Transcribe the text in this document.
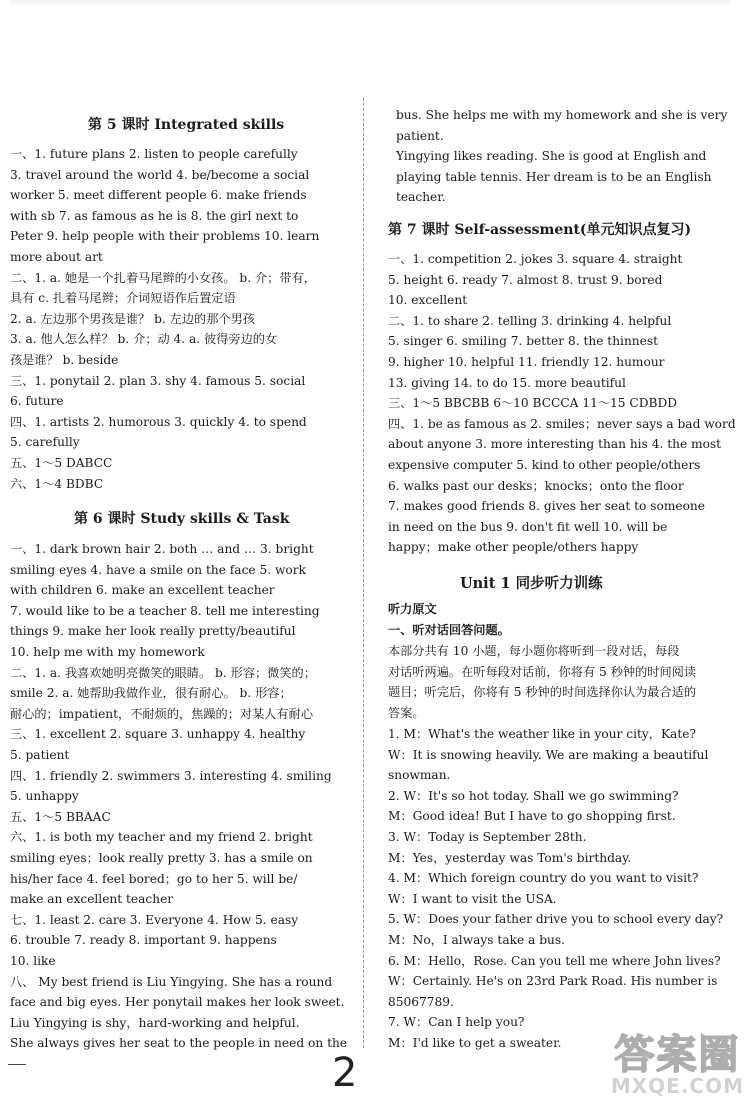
第 5 课时 Integrated skills
一、1. future plans 2. listen to people carefully
3. travel around the world 4. be/become a social
worker 5. meet different people 6. make friends
with sb 7. as famous as he is 8. the girl next to
Peter 9. help people with their problems 10. learn
more about art
二、1. a. 她是一个扎着马尾辫的小女孩。 b. 介；带有，
具有 c. 扎着马尾辫；介词短语作后置定语
2. a. 左边那个男孩是谁？ b. 左边的那个男孩
3. a. 他人怎么样？ b. 介；动 4. a. 彼得旁边的女
孩是谁？ b. beside
三、1. ponytail 2. plan 3. shy 4. famous 5. social
6. future
四、1. artists 2. humorous 3. quickly 4. to spend
5. carefully
五、1～5 DABCC
六、1～4 BDBC
第 6 课时 Study skills & Task
一、1. dark brown hair 2. both … and … 3. bright
smiling eyes 4. have a smile on the face 5. work
with children 6. make an excellent teacher
7. would like to be a teacher 8. tell me interesting
things 9. make her look really pretty/beautiful
10. help me with my homework
二、1. a. 我喜欢她明亮微笑的眼睛。 b. 形容；微笑的；
smile 2. a. 她帮助我做作业，很有耐心。 b. 形容；
耐心的；impatient，不耐烦的，焦躁的；对某人有耐心
三、1. excellent 2. square 3. unhappy 4. healthy
5. patient
四、1. friendly 2. swimmers 3. interesting 4. smiling
5. unhappy
五、1～5 BBAAC
六、1. is both my teacher and my friend 2. bright
smiling eyes；look really pretty 3. has a smile on
his/her face 4. feel bored；go to her 5. will be/
make an excellent teacher
七、1. least 2. care 3. Everyone 4. How 5. easy
6. trouble 7. ready 8. important 9. happens
10. like
八、 My best friend is Liu Yingying. She has a round
face and big eyes. Her ponytail makes her look sweet.
Liu Yingying is shy，hard-working and helpful.
She always gives her seat to the people in need on the
bus. She helps me with my homework and she is very
patient.
Yingying likes reading. She is good at English and
playing table tennis. Her dream is to be an English
teacher.
第 7 课时 Self-assessment(单元知识点复习)
一、1. competition 2. jokes 3. square 4. straight
5. height 6. ready 7. almost 8. trust 9. bored
10. excellent
二、1. to share 2. telling 3. drinking 4. helpful
5. singer 6. smiling 7. better 8. the thinnest
9. higher 10. helpful 11. friendly 12. humour
13. giving 14. to do 15. more beautiful
三、1～5 BBCBB 6～10 BCCCA 11～15 CDBDD
四、1. be as famous as 2. smiles；never says a bad word
about anyone 3. more interesting than his 4. the most
expensive computer 5. kind to other people/others
6. walks past our desks；knocks；onto the floor
7. makes good friends 8. gives her seat to someone
in need on the bus 9. don't fit well 10. will be
happy；make other people/others happy
Unit 1 同步听力训练
听力原文
一、听对话回答问题。
本部分共有 10 小题，每小题你将听到一段对话，每段
对话听两遍。在听每段对话前，你将有 5 秒钟的时间阅读
题目；听完后，你将有 5 秒钟的时间选择你认为最合适的
答案。
1. M：What's the weather like in your city，Kate?
W：It is snowing heavily. We are making a beautiful
snowman.
2. W：It's so hot today. Shall we go swimming?
M：Good idea! But I have to go shopping first.
3. W：Today is September 28th.
M：Yes，yesterday was Tom's birthday.
4. M：Which foreign country do you want to visit?
W：I want to visit the USA.
5. W：Does your father drive you to school every day?
M：No，I always take a bus.
6. M：Hello，Rose. Can you tell me where John lives?
W：Certainly. He's on 23rd Park Road. His number is
85067789.
7. W：Can I help you?
M：I'd like to get a sweater.
2	答案圈
MXQE.COM
